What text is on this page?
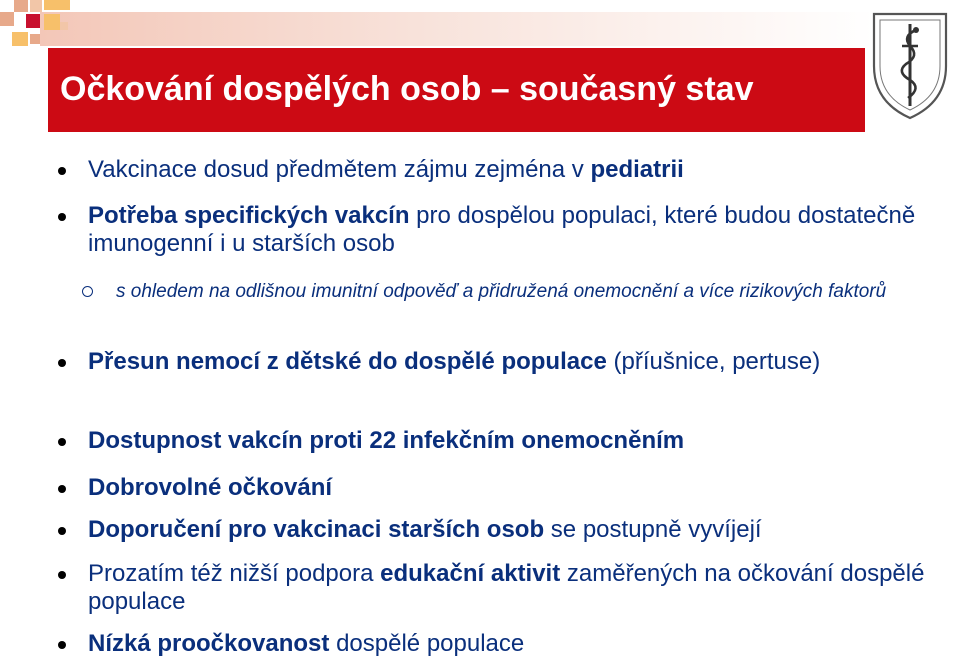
Očkování dospělých osob – současný stav
Vakcinace dosud předmětem zájmu zejména v pediatrii
Potřeba specifických vakcín pro dospělou populaci, které budou dostatečně imunogenní i u starších osob
s ohledem na odlišnou imunitní odpověď a přidružená onemocnění a více rizikových faktorů
Přesun nemocí z dětské do dospělé populace (příušnice, pertuse)
Dostupnost vakcín proti 22 infekčním onemocněním
Dobrovolné očkování
Doporučení pro vakcinaci starších osob se postupně vyvíjejí
Prozatím též nižší podpora edukační aktivit zaměřených na očkování dospělé populace
Nízká proočkovanost dospělé populace
